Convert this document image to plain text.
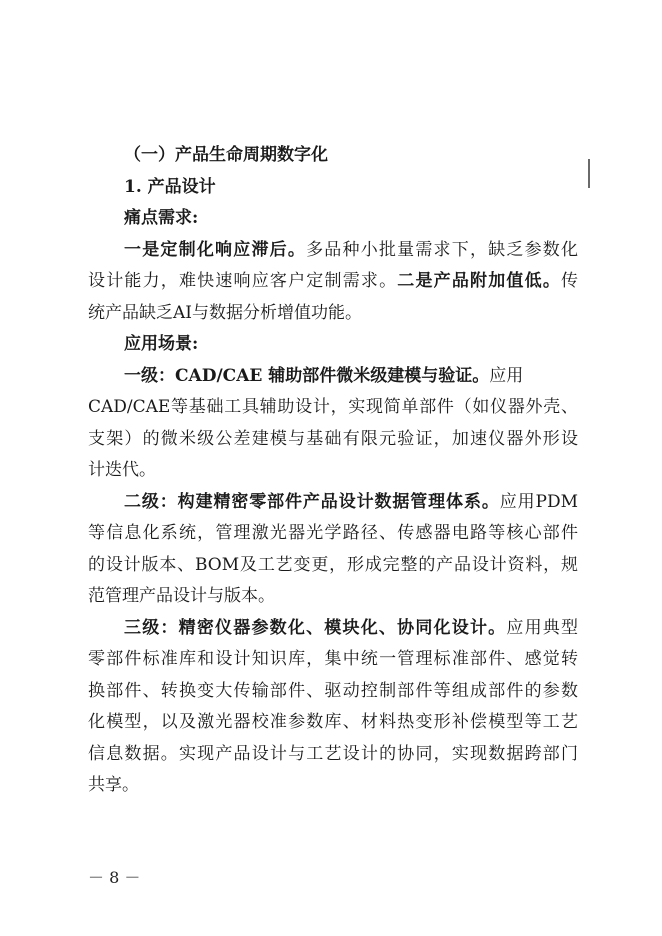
（一）产品生命周期数字化
1. 产品设计
痛点需求:
一是定制化响应滞后。多品种小批量需求下，缺乏参数化
设计能力，难快速响应客户定制需求。二是产品附加值低。传
统产品缺乏AI与数据分析增值功能。
应用场景:
一级：CAD/CAE 辅助部件微米级建模与验证。应用
CAD/CAE等基础工具辅助设计，实现简单部件（如仪器外壳、
支架）的微米级公差建模与基础有限元验证，加速仪器外形设
计迭代。
二级：构建精密零部件产品设计数据管理体系。应用PDM
等信息化系统，管理激光器光学路径、传感器电路等核心部件
的设计版本、BOM及工艺变更，形成完整的产品设计资料，规
范管理产品设计与版本。
三级：精密仪器参数化、模块化、协同化设计。应用典型
零部件标准库和设计知识库，集中统一管理标准部件、感觉转
换部件、转换变大传输部件、驱动控制部件等组成部件的参数
化模型，以及激光器校准参数库、材料热变形补偿模型等工艺
信息数据。实现产品设计与工艺设计的协同，实现数据跨部门
共享。
－ 8 －
